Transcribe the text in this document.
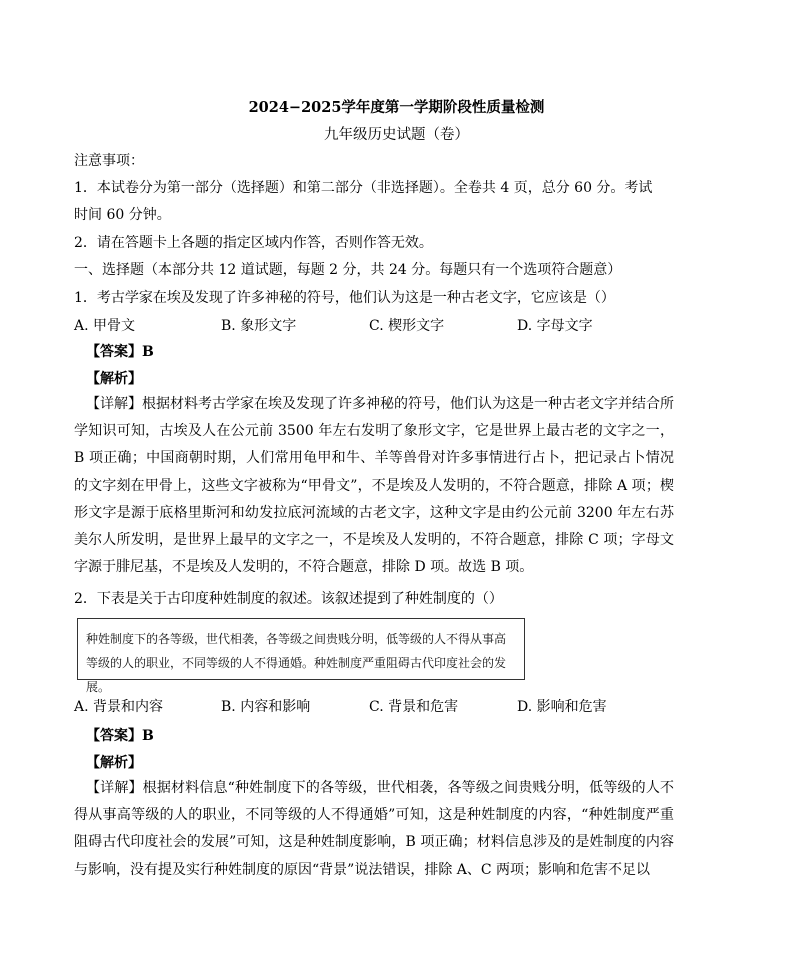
2024−2025学年度第一学期阶段性质量检测
九年级历史试题（卷）
注意事项：
1．本试卷分为第一部分（选择题）和第二部分（非选择题）。全卷共 4 页，总分 60 分。考试
时间 60 分钟。
2．请在答题卡上各题的指定区域内作答，否则作答无效。
一、选择题（本部分共 12 道试题，每题 2 分，共 24 分。每题只有一个选项符合题意）
1．考古学家在埃及发现了许多神秘的符号，他们认为这是一种古老文字，它应该是（）
A. 甲骨文	B. 象形文字	C. 楔形文字	D. 字母文字
【答案】B
【解析】
【详解】根据材料考古学家在埃及发现了许多神秘的符号，他们认为这是一种古老文字并结合所学知识可知，古埃及人在公元前 3500 年左右发明了象形文字，它是世界上最古老的文字之一，B 项正确；中国商朝时期，人们常用龟甲和牛、羊等兽骨对许多事情进行占卜，把记录占卜情况的文字刻在甲骨上，这些文字被称为“甲骨文”，不是埃及人发明的，不符合题意，排除 A 项；楔形文字是源于底格里斯河和幼发拉底河流域的古老文字，这种文字是由约公元前 3200 年左右苏美尔人所发明，是世界上最早的文字之一，不是埃及人发明的，不符合题意，排除 C 项；字母文字源于腓尼基，不是埃及人发明的，不符合题意，排除 D 项。故选 B 项。
2．下表是关于古印度种姓制度的叙述。该叙述提到了种姓制度的（）
种姓制度下的各等级，世代相袭，各等级之间贵贱分明，低等级的人不得从事高等级的人的职业，不同等级的人不得通婚。种姓制度严重阻碍古代印度社会的发展。
A. 背景和内容	B. 内容和影响	C. 背景和危害	D. 影响和危害
【答案】B
【解析】
【详解】根据材料信息“种姓制度下的各等级，世代相袭，各等级之间贵贱分明，低等级的人不得从事高等级的人的职业，不同等级的人不得通婚”可知，这是种姓制度的内容，“种姓制度严重阻碍古代印度社会的发展”可知，这是种姓制度影响，B 项正确；材料信息涉及的是姓制度的内容与影响，没有提及实行种姓制度的原因“背景”说法错误，排除 A、C 两项；影响和危害不足以
